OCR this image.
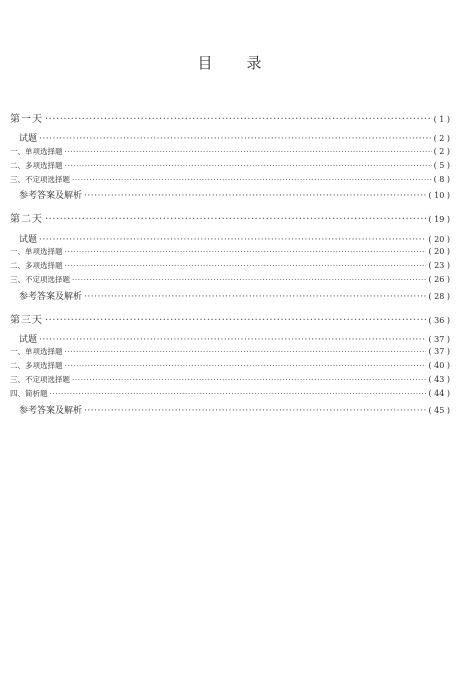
目 录
第一天 ·····	( 1 )
试题 ·····	( 2 )
一、单项选择题 ·····	( 2 )
二、多项选择题 ·····	( 5 )
三、不定项选择题 ·····	( 8 )
参考答案及解析 ·····	( 10 )
第二天 ·····	( 19 )
试题 ·····	( 20 )
一、单项选择题 ·····	( 20 )
二、多项选择题 ·····	( 23 )
三、不定项选择题 ·····	( 26 )
参考答案及解析 ·····	( 28 )
第三天 ·····	( 36 )
试题 ·····	( 37 )
一、单项选择题 ·····	( 37 )
二、多项选择题 ·····	( 40 )
三、不定项选择题 ·····	( 43 )
四、简析题 ·····	( 44 )
参考答案及解析 ·····	( 45 )
